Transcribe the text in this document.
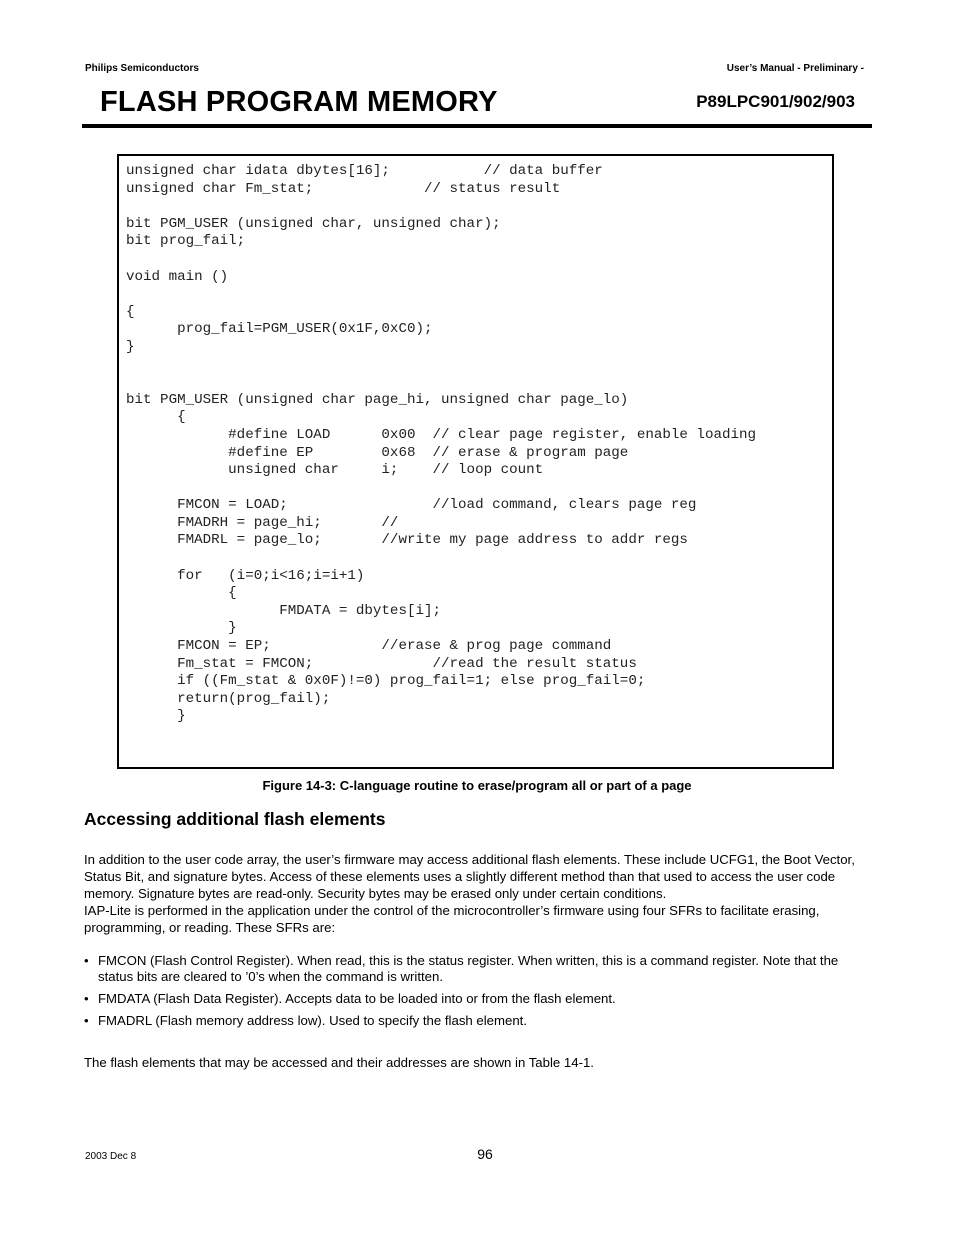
Philips Semiconductors	User’s Manual - Preliminary -
FLASH PROGRAM MEMORY	P89LPC901/902/903
unsigned char idata dbytes[16];           // data buffer
unsigned char Fm_stat;             // status result

bit PGM_USER (unsigned char, unsigned char);
bit prog_fail;

void main ()

{
prog_fail=PGM_USER(0x1F,0xC0);
}

bit PGM_USER (unsigned char page_hi, unsigned char page_lo)
{
#define LOAD      0x00  // clear page register, enable loading
#define EP        0x68  // erase & program page
unsigned char     i;    // loop count

FMCON = LOAD;                 //load command, clears page reg
FMADRH = page_hi;       //
FMADRL = page_lo;       //write my page address to addr regs

for   (i=0;i<16;i=i+1)
{
FMDATA = dbytes[i];
}
FMCON = EP;             //erase & prog page command
Fm_stat = FMCON;              //read the result status
if ((Fm_stat & 0x0F)!=0) prog_fail=1; else prog_fail=0;
return(prog_fail);
}
Figure 14-3: C-language routine to erase/program all or part of a page
Accessing additional flash elements
In addition to the user code array, the user’s firmware may access additional flash elements. These include UCFG1, the Boot Vector, Status Bit, and signature bytes. Access of these elements uses a slightly different method than that used to access the user code memory. Signature bytes are read-only. Security bytes may be erased only under certain conditions.
IAP-Lite is performed in the application under the control of the microcontroller’s firmware using four SFRs to facilitate erasing, programming, or reading. These SFRs are:
• FMCON (Flash Control Register). When read, this is the status register. When written, this is a command register. Note that the status bits are cleared to ’0’s when the command is written.
• FMDATA (Flash Data Register). Accepts data to be loaded into or from the flash element.
• FMADRL (Flash memory address low). Used to specify the flash element.
The flash elements that may be accessed and their addresses are shown in Table 14-1.
2003 Dec 8	96
